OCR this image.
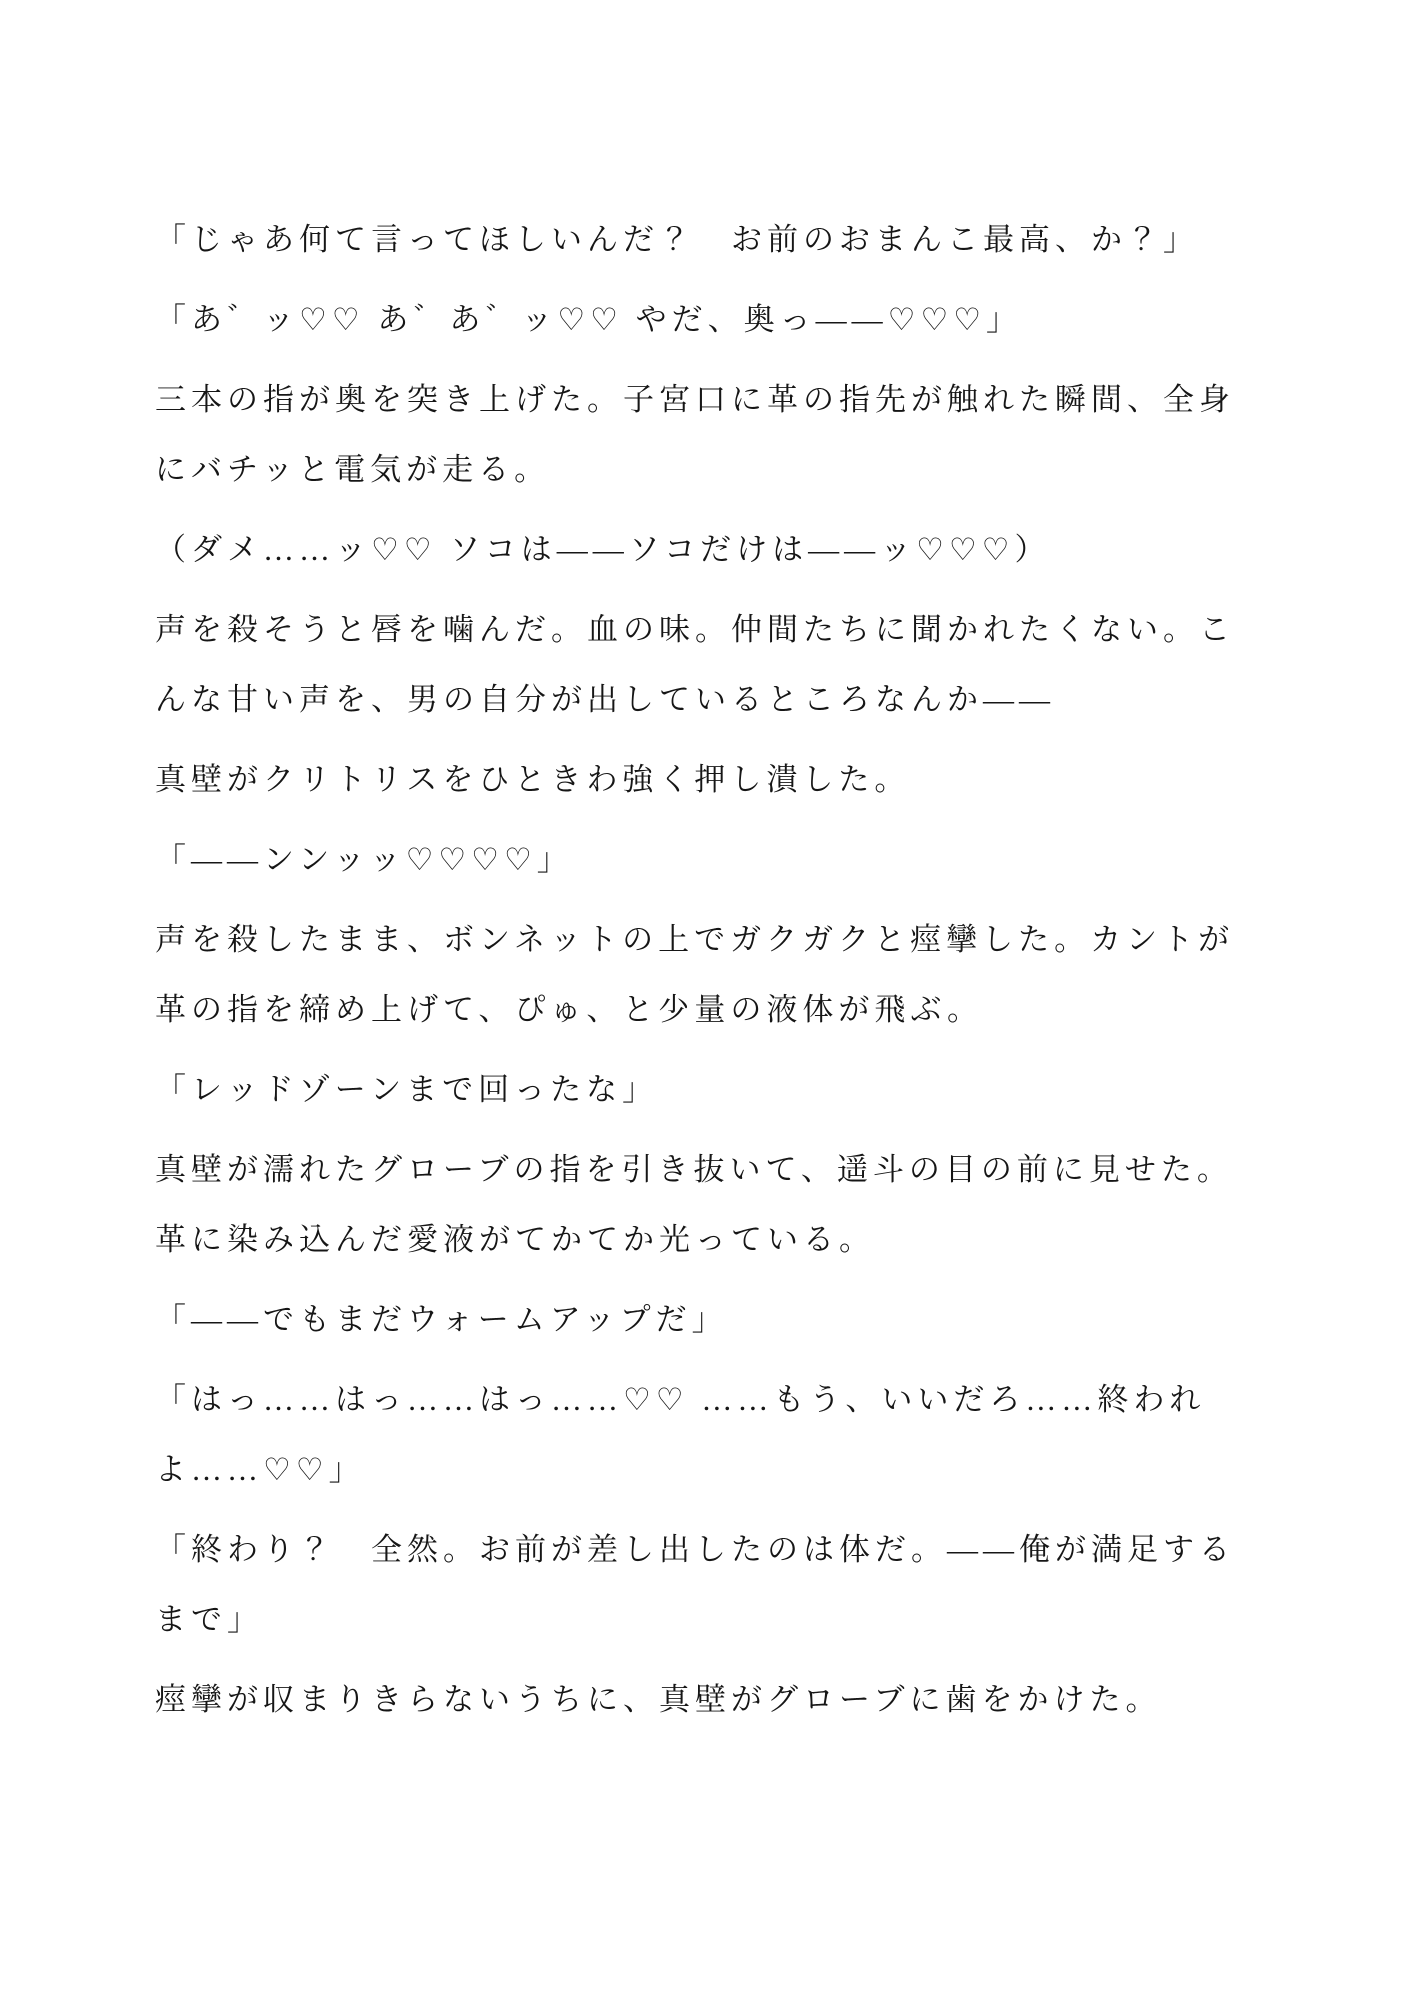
「じゃあ何て言ってほしいんだ？　お前のおまんこ最高、か？」

「あ゛ッ♡♡ あ゛あ゛ッ♡♡ やだ、奥っ——♡♡♡」

三本の指が奥を突き上げた。子宮口に革の指先が触れた瞬間、全身にバチッと電気が走る。

（ダメ……ッ♡♡ ソコは——ソコだけは——ッ♡♡♡）

声を殺そうと唇を噛んだ。血の味。仲間たちに聞かれたくない。こんな甘い声を、男の自分が出しているところなんか——

真壁がクリトリスをひときわ強く押し潰した。

「——ンンッッ♡♡♡♡」

声を殺したまま、ボンネットの上でガクガクと痙攣した。カントが革の指を締め上げて、ぴゅ、と少量の液体が飛ぶ。

「レッドゾーンまで回ったな」

真壁が濡れたグローブの指を引き抜いて、遥斗の目の前に見せた。革に染み込んだ愛液がてかてか光っている。

「——でもまだウォームアップだ」

「はっ……はっ……はっ……♡♡ ……もう、いいだろ……終われよ……♡♡」

「終わり？　全然。お前が差し出したのは体だ。——俺が満足するまで」

痙攣が収まりきらないうちに、真壁がグローブに歯をかけた。
